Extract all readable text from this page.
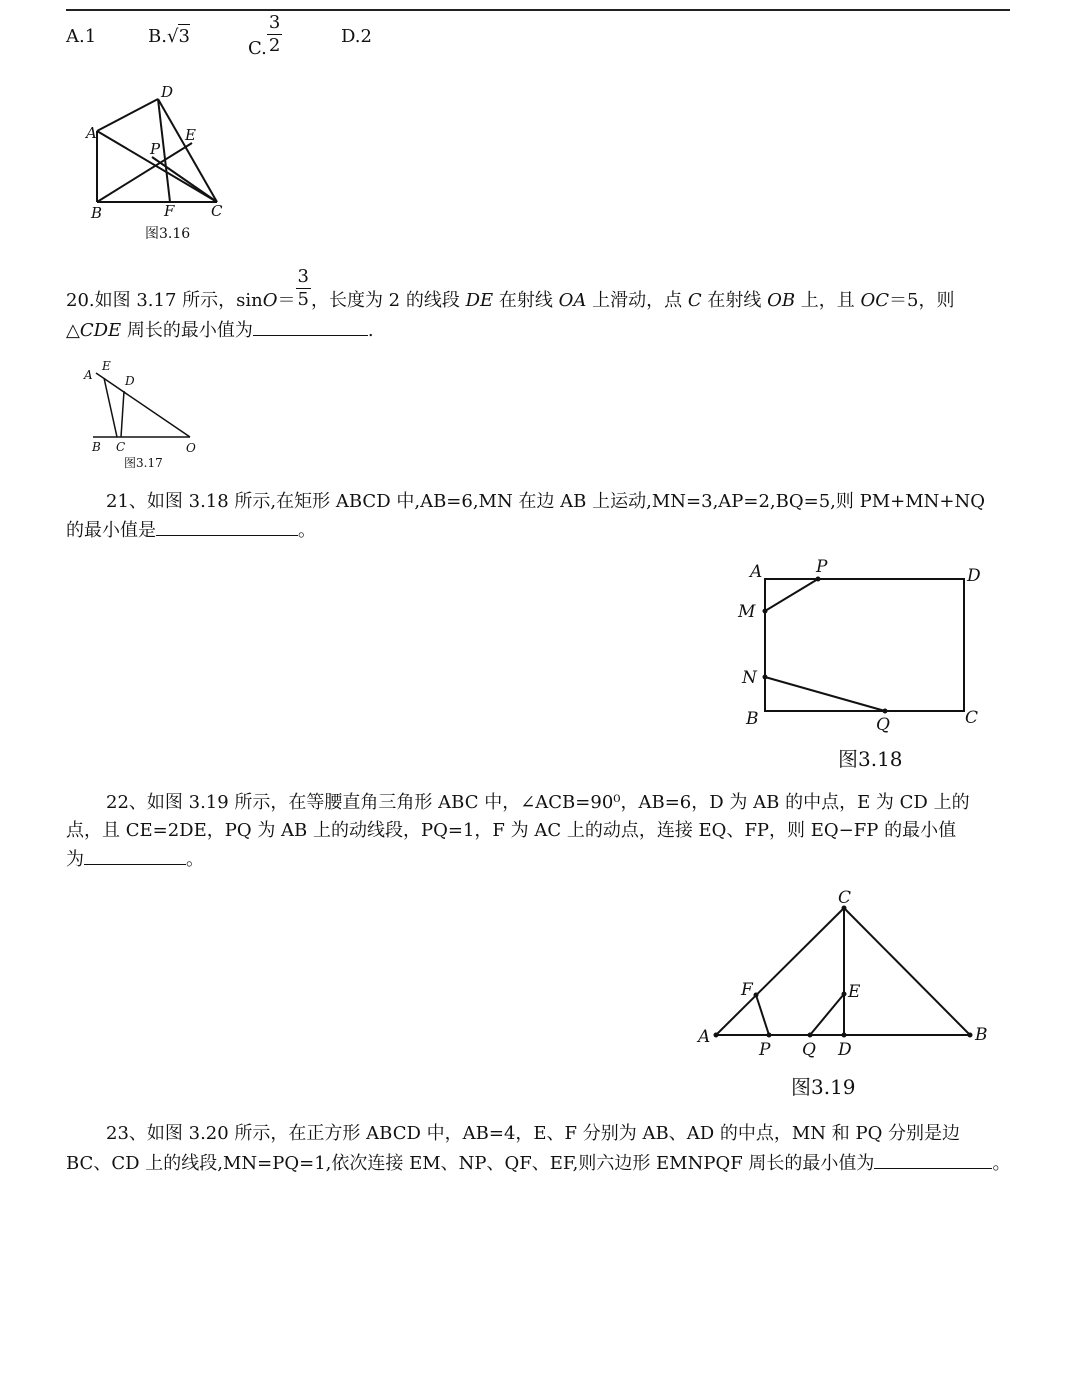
A.1	B.√3
C. $\frac{3}{2}$	D.2
A
D
E
P
B	F C
图3.16
20.如图 3.17 所示，$\sin O= \frac{3}{5}$ ，长度为 2 的线段 DE 在射线 OA 上滑动，点 C 在射线 OB 上，且 OC＝5，则
△CDE 周长的最小值为	.
A
E
D
B C	O
图3.17
21、如图 3.18 所示,在矩形 ABCD 中,AB=6,MN 在边 AB 上运动,MN=3,AP=2,BQ=5,则 PM+MN+NQ
的最小值是	。
A	P	D
M
N
B	Q	C
图3.18
22、如图 3.19 所示，在等腰直角三角形 ABC 中，∠ACB=90⁰，AB=6，D 为 AB 的中点，E 为 CD 上的
点，且 CE=2DE，PQ 为 AB 上的动线段，PQ=1，F 为 AC 上的动点，连接 EQ、FP，则 EQ−FP 的最小值
为	。
C
F	E
A
P Q D
B
图3.19
23、如图 3.20 所示，在正方形 ABCD 中，AB=4，E、F 分别为 AB、AD 的中点，MN 和 PQ 分别是边
BC、CD 上的线段,MN=PQ=1,依次连接 EM、NP、QF、EF,则六边形 EMNPQF 周长的最小值为	。
